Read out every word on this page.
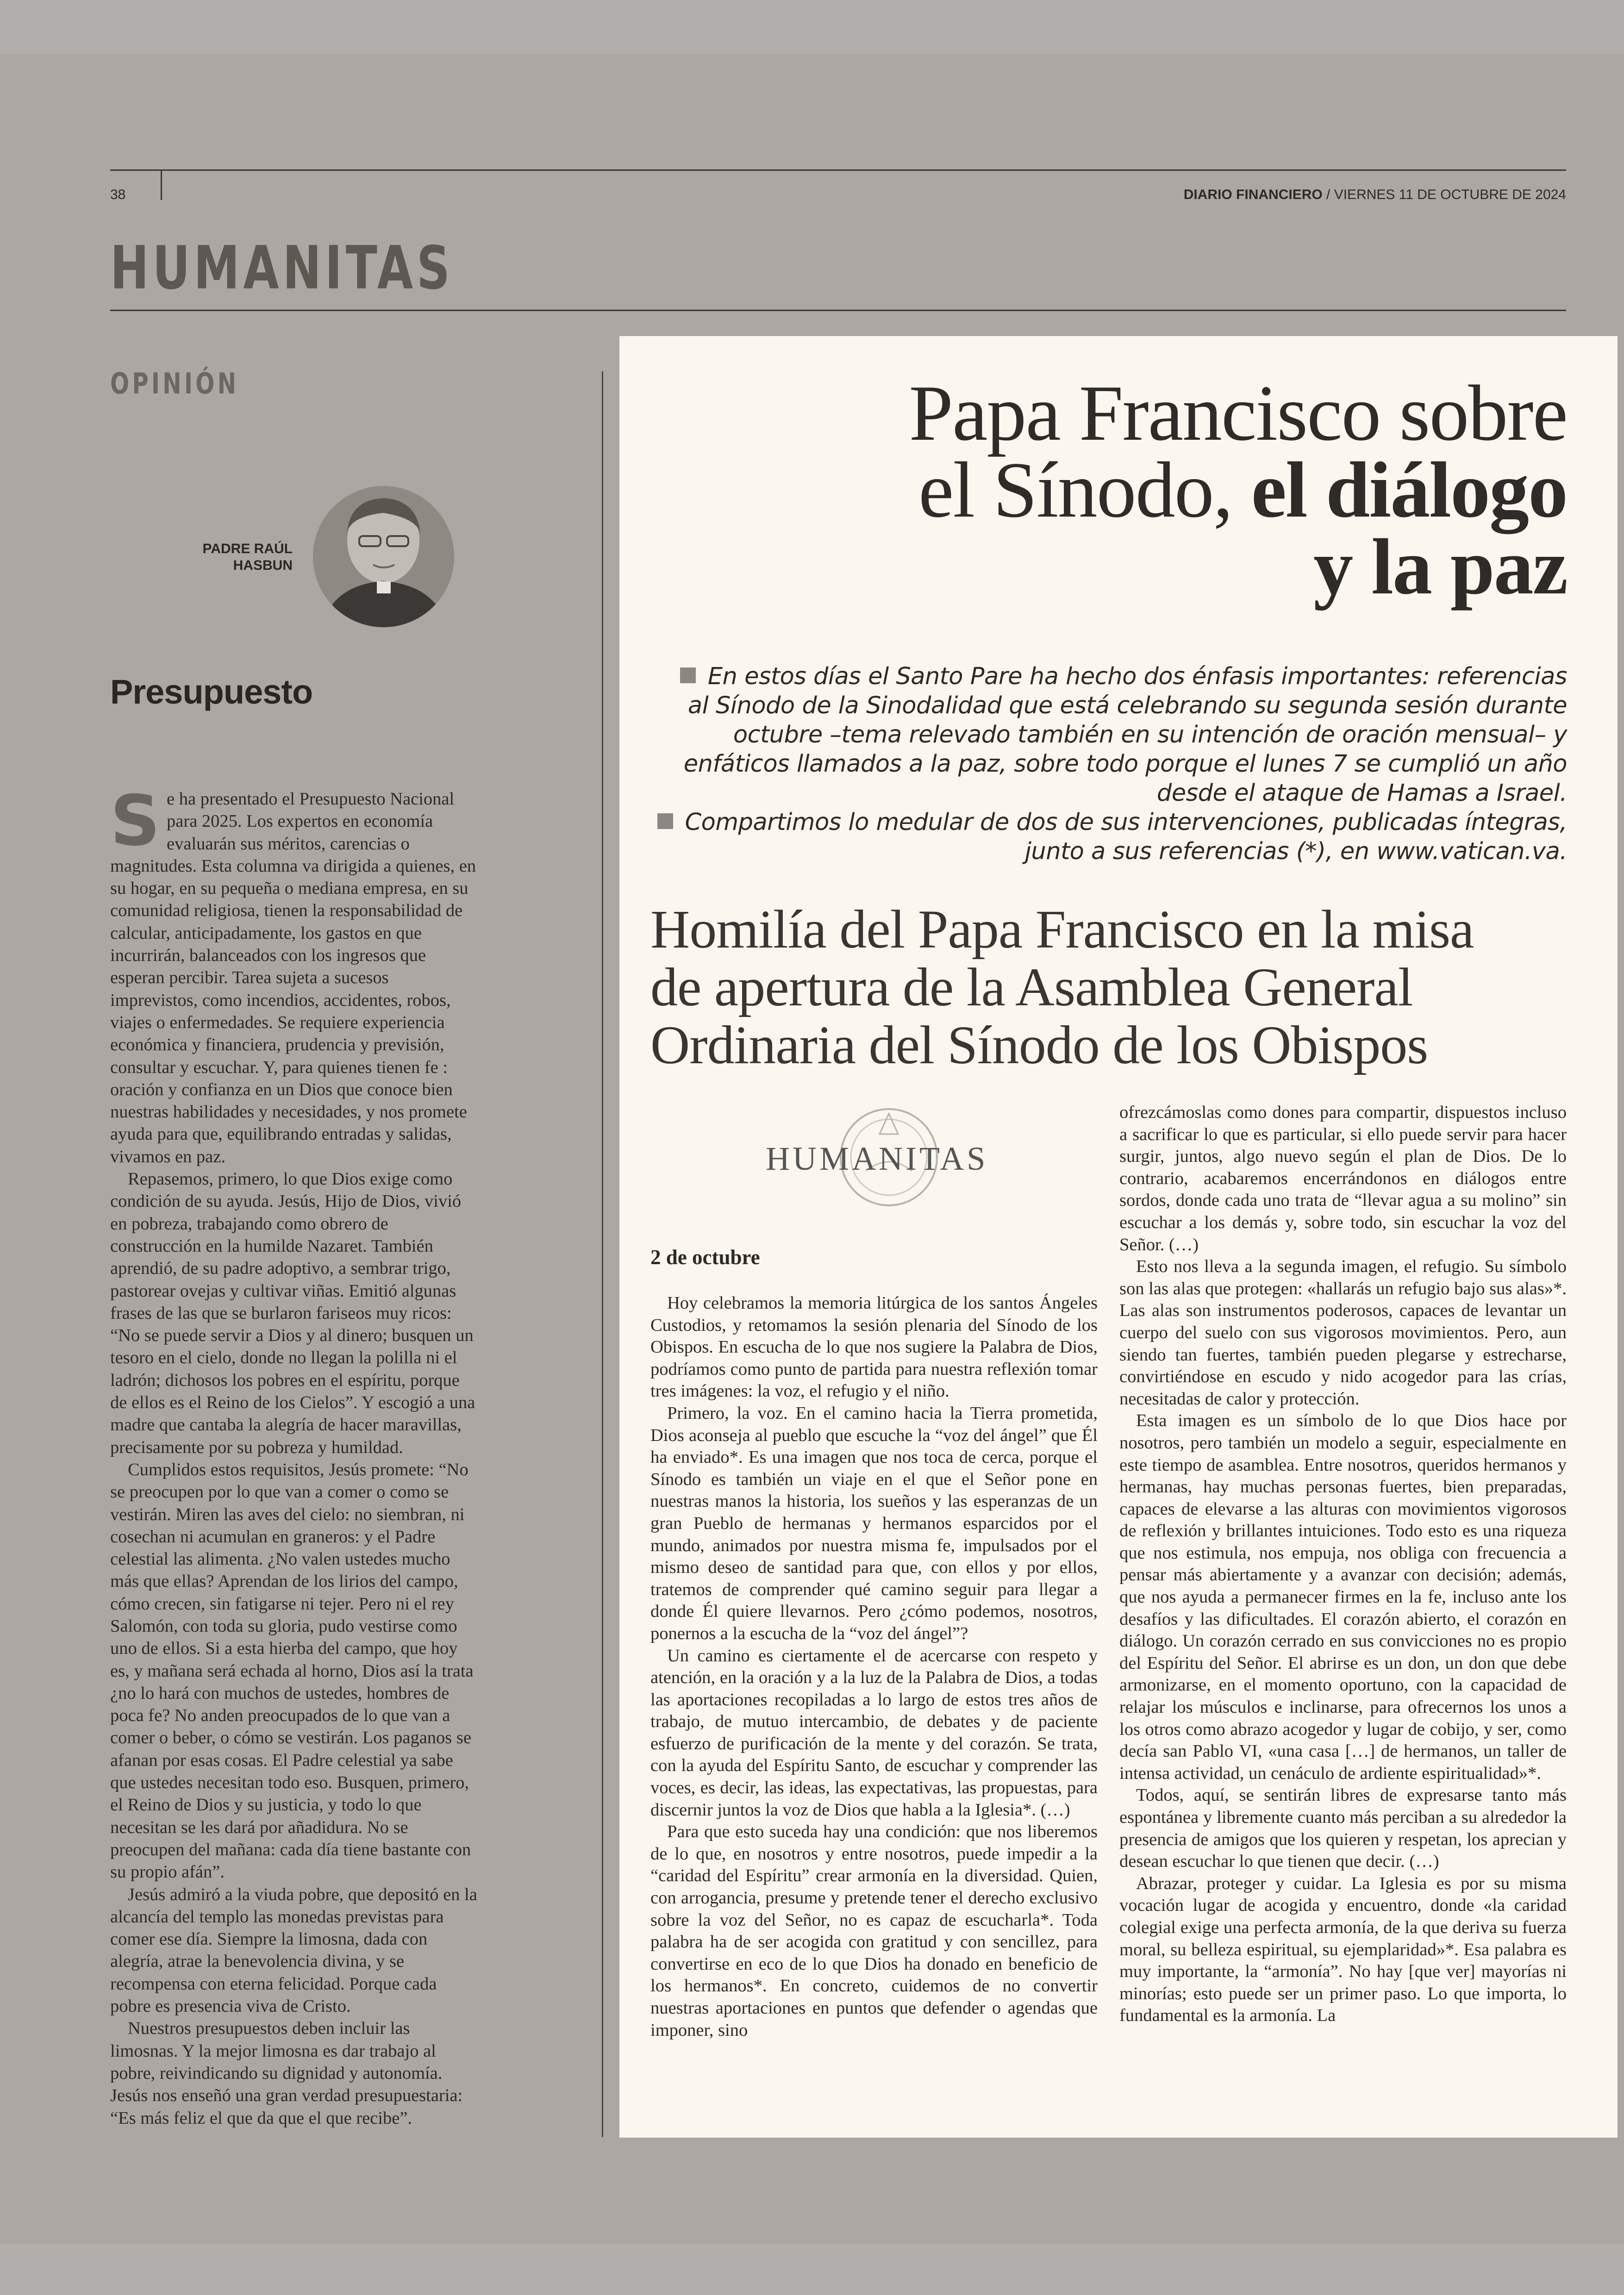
38	DIARIO FINANCIERO / VIERNES 11 DE OCTUBRE DE 2024
HUMANITAS
OPINIÓN
PADRE RAÚL
HASBUN
Presupuesto
S e ha presentado el Presupuesto Nacional para 2025. Los expertos en economía evaluarán sus méritos, carencias o magnitudes. Esta columna va dirigida a quienes, en su hogar, en su pequeña o mediana empresa, en su comunidad religiosa, tienen la responsabilidad de calcular, anticipadamente, los gastos en que incurrirán, balanceados con los ingresos que esperan percibir. Tarea sujeta a sucesos imprevistos, como incendios, accidentes, robos, viajes o enfermedades. Se requiere experiencia económica y financiera, prudencia y previsión, consultar y escuchar. Y, para quienes tienen fe : oración y confianza en un Dios que conoce bien nuestras habilidades y necesidades, y nos promete ayuda para que, equilibrando entradas y salidas, vivamos en paz.

Repasemos, primero, lo que Dios exige como condición de su ayuda. Jesús, Hijo de Dios, vivió en pobreza, trabajando como obrero de construcción en la humilde Nazaret. También aprendió, de su padre adoptivo, a sembrar trigo, pastorear ovejas y cultivar viñas. Emitió algunas frases de las que se burlaron fariseos muy ricos: “No se puede servir a Dios y al dinero; busquen un tesoro en el cielo, donde no llegan la polilla ni el ladrón; dichosos los pobres en el espíritu, porque de ellos es el Reino de los Cielos”. Y escogió a una madre que cantaba la alegría de hacer maravillas, precisamente por su pobreza y humildad.

Cumplidos estos requisitos, Jesús promete: “No se preocupen por lo que van a comer o como se vestirán. Miren las aves del cielo: no siembran, ni cosechan ni acumulan en graneros: y el Padre celestial las alimenta. ¿No valen ustedes mucho más que ellas? Aprendan de los lirios del campo, cómo crecen, sin fatigarse ni tejer. Pero ni el rey Salomón, con toda su gloria, pudo vestirse como uno de ellos. Si a esta hierba del campo, que hoy es, y mañana será echada al horno, Dios así la trata ¿no lo hará con muchos de ustedes, hombres de poca fe? No anden preocupados de lo que van a comer o beber, o cómo se vestirán. Los paganos se afanan por esas cosas. El Padre celestial ya sabe que ustedes necesitan todo eso. Busquen, primero, el Reino de Dios y su justicia, y todo lo que necesitan se les dará por añadidura. No se preocupen del mañana: cada día tiene bastante con su propio afán”.

Jesús admiró a la viuda pobre, que depositó en la alcancía del templo las monedas previstas para comer ese día. Siempre la limosna, dada con alegría, atrae la benevolencia divina, y se recompensa con eterna felicidad. Porque cada pobre es presencia viva de Cristo.

Nuestros presupuestos deben incluir las limosnas. Y la mejor limosna es dar trabajo al pobre, reivindicando su dignidad y autonomía. Jesús nos enseñó una gran verdad presupuestaria: “Es más feliz el que da que el que recibe”.

Papa Francisco sobre
el Sínodo, el diálogo
y la paz
En estos días el Santo Pare ha hecho dos énfasis importantes: referencias
al Sínodo de la Sinodalidad que está celebrando su segunda sesión durante
octubre –tema relevado también en su intención de oración mensual– y
enfáticos llamados a la paz, sobre todo porque el lunes 7 se cumplió un año
desde el ataque de Hamas a Israel.
Compartimos lo medular de dos de sus intervenciones, publicadas íntegras,
junto a sus referencias (*), en www.vatican.va.
Homilía del Papa Francisco en la misa
de apertura de la Asamblea General
Ordinaria del Sínodo de los Obispos
HUMANITAS
2 de octubre

Hoy celebramos la memoria litúrgica de los santos Ángeles Custodios, y retomamos la sesión plenaria del Sínodo de los Obispos. En escucha de lo que nos sugiere la Palabra de Dios, podríamos como punto de partida para nuestra reflexión tomar tres imágenes: la voz, el refugio y el niño.

Primero, la voz. En el camino hacia la Tierra prometida, Dios aconseja al pueblo que escuche la “voz del ángel” que Él ha enviado*. Es una imagen que nos toca de cerca, porque el Sínodo es también un viaje en el que el Señor pone en nuestras manos la historia, los sueños y las esperanzas de un gran Pueblo de hermanas y hermanos esparcidos por el mundo, animados por nuestra misma fe, impulsados por el mismo deseo de santidad para que, con ellos y por ellos, tratemos de comprender qué camino seguir para llegar a donde Él quiere llevarnos. Pero ¿cómo podemos, nosotros, ponernos a la escucha de la “voz del ángel”?

Un camino es ciertamente el de acercarse con respeto y atención, en la oración y a la luz de la Palabra de Dios, a todas las aportaciones recopiladas a lo largo de estos tres años de trabajo, de mutuo intercambio, de debates y de paciente esfuerzo de purificación de la mente y del corazón. Se trata, con la ayuda del Espíritu Santo, de escuchar y comprender las voces, es decir, las ideas, las expectativas, las propuestas, para discernir juntos la voz de Dios que habla a la Iglesia*. (…)

Para que esto suceda hay una condición: que nos liberemos de lo que, en nosotros y entre nosotros, puede impedir a la “caridad del Espíritu” crear armonía en la diversidad. Quien, con arrogancia, presume y pretende tener el derecho exclusivo sobre la voz del Señor, no es capaz de escucharla*. Toda palabra ha de ser acogida con gratitud y con sencillez, para convertirse en eco de lo que Dios ha donado en beneficio de los hermanos*. En concreto, cuidemos de no convertir nuestras aportaciones en puntos que defender o agendas que imponer, sino

ofrezcámoslas como dones para compartir, dispuestos incluso a sacrificar lo que es particular, si ello puede servir para hacer surgir, juntos, algo nuevo según el plan de Dios. De lo contrario, acabaremos encerrándonos en diálogos entre sordos, donde cada uno trata de “llevar agua a su molino” sin escuchar a los demás y, sobre todo, sin escuchar la voz del Señor. (…)

Esto nos lleva a la segunda imagen, el refugio. Su símbolo son las alas que protegen: «hallarás un refugio bajo sus alas»*. Las alas son instrumentos poderosos, capaces de levantar un cuerpo del suelo con sus vigorosos movimientos. Pero, aun siendo tan fuertes, también pueden plegarse y estrecharse, convirtiéndose en escudo y nido acogedor para las crías, necesitadas de calor y protección.

Esta imagen es un símbolo de lo que Dios hace por nosotros, pero también un modelo a seguir, especialmente en este tiempo de asamblea. Entre nosotros, queridos hermanos y hermanas, hay muchas personas fuertes, bien preparadas, capaces de elevarse a las alturas con movimientos vigorosos de reflexión y brillantes intuiciones. Todo esto es una riqueza que nos estimula, nos empuja, nos obliga con frecuencia a pensar más abiertamente y a avanzar con decisión; además, que nos ayuda a permanecer firmes en la fe, incluso ante los desafíos y las dificultades. El corazón abierto, el corazón en diálogo. Un corazón cerrado en sus convicciones no es propio del Espíritu del Señor. El abrirse es un don, un don que debe armonizarse, en el momento oportuno, con la capacidad de relajar los músculos e inclinarse, para ofrecernos los unos a los otros como abrazo acogedor y lugar de cobijo, y ser, como decía san Pablo VI, «una casa […] de hermanos, un taller de intensa actividad, un cenáculo de ardiente espiritualidad»*.

Todos, aquí, se sentirán libres de expresarse tanto más espontánea y libremente cuanto más perciban a su alrededor la presencia de amigos que los quieren y respetan, los aprecian y desean escuchar lo que tienen que decir. (…)

Abrazar, proteger y cuidar. La Iglesia es por su misma vocación lugar de acogida y encuentro, donde «la caridad colegial exige una perfecta armonía, de la que deriva su fuerza moral, su belleza espiritual, su ejemplaridad»*. Esa palabra es muy importante, la “armonía”. No hay [que ver] mayorías ni minorías; esto puede ser un primer paso. Lo que importa, lo fundamental es la armonía. La
